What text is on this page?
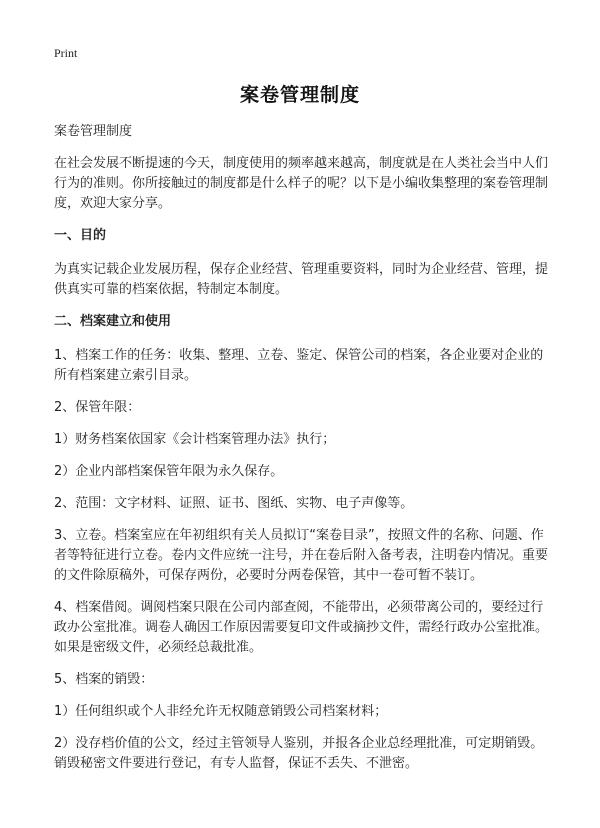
Print
案卷管理制度

案卷管理制度

在社会发展不断提速的今天，制度使用的频率越来越高，制度就是在人类社会当中人们行为的准则。你所接触过的制度都是什么样子的呢？以下是小编收集整理的案卷管理制度，欢迎大家分享。

一、目的

为真实记载企业发展历程，保存企业经营、管理重要资料，同时为企业经营、管理，提供真实可靠的档案依据，特制定本制度。

二、档案建立和使用

1、档案工作的任务：收集、整理、立卷、鉴定、保管公司的档案，各企业要对企业的所有档案建立索引目录。

2、保管年限：

1）财务档案依国家《会计档案管理办法》执行；

2）企业内部档案保管年限为永久保存。

2、范围：文字材料、证照、证书、图纸、实物、电子声像等。

3、立卷。档案室应在年初组织有关人员拟订“案卷目录”，按照文件的名称、问题、作者等特征进行立卷。卷内文件应统一注号，并在卷后附入备考表，注明卷内情况。重要的文件除原稿外，可保存两份，必要时分两卷保管，其中一卷可暂不装订。

4、档案借阅。调阅档案只限在公司内部查阅，不能带出，必须带离公司的，要经过行政办公室批准。调卷人确因工作原因需要复印文件或摘抄文件，需经行政办公室批准。如果是密级文件，必须经总裁批准。

5、档案的销毁：

1）任何组织或个人非经允许无权随意销毁公司档案材料；

2）没存档价值的公文，经过主管领导人鉴别，并报各企业总经理批准，可定期销毁。销毁秘密文件要进行登记，有专人监督，保证不丢失、不泄密。
